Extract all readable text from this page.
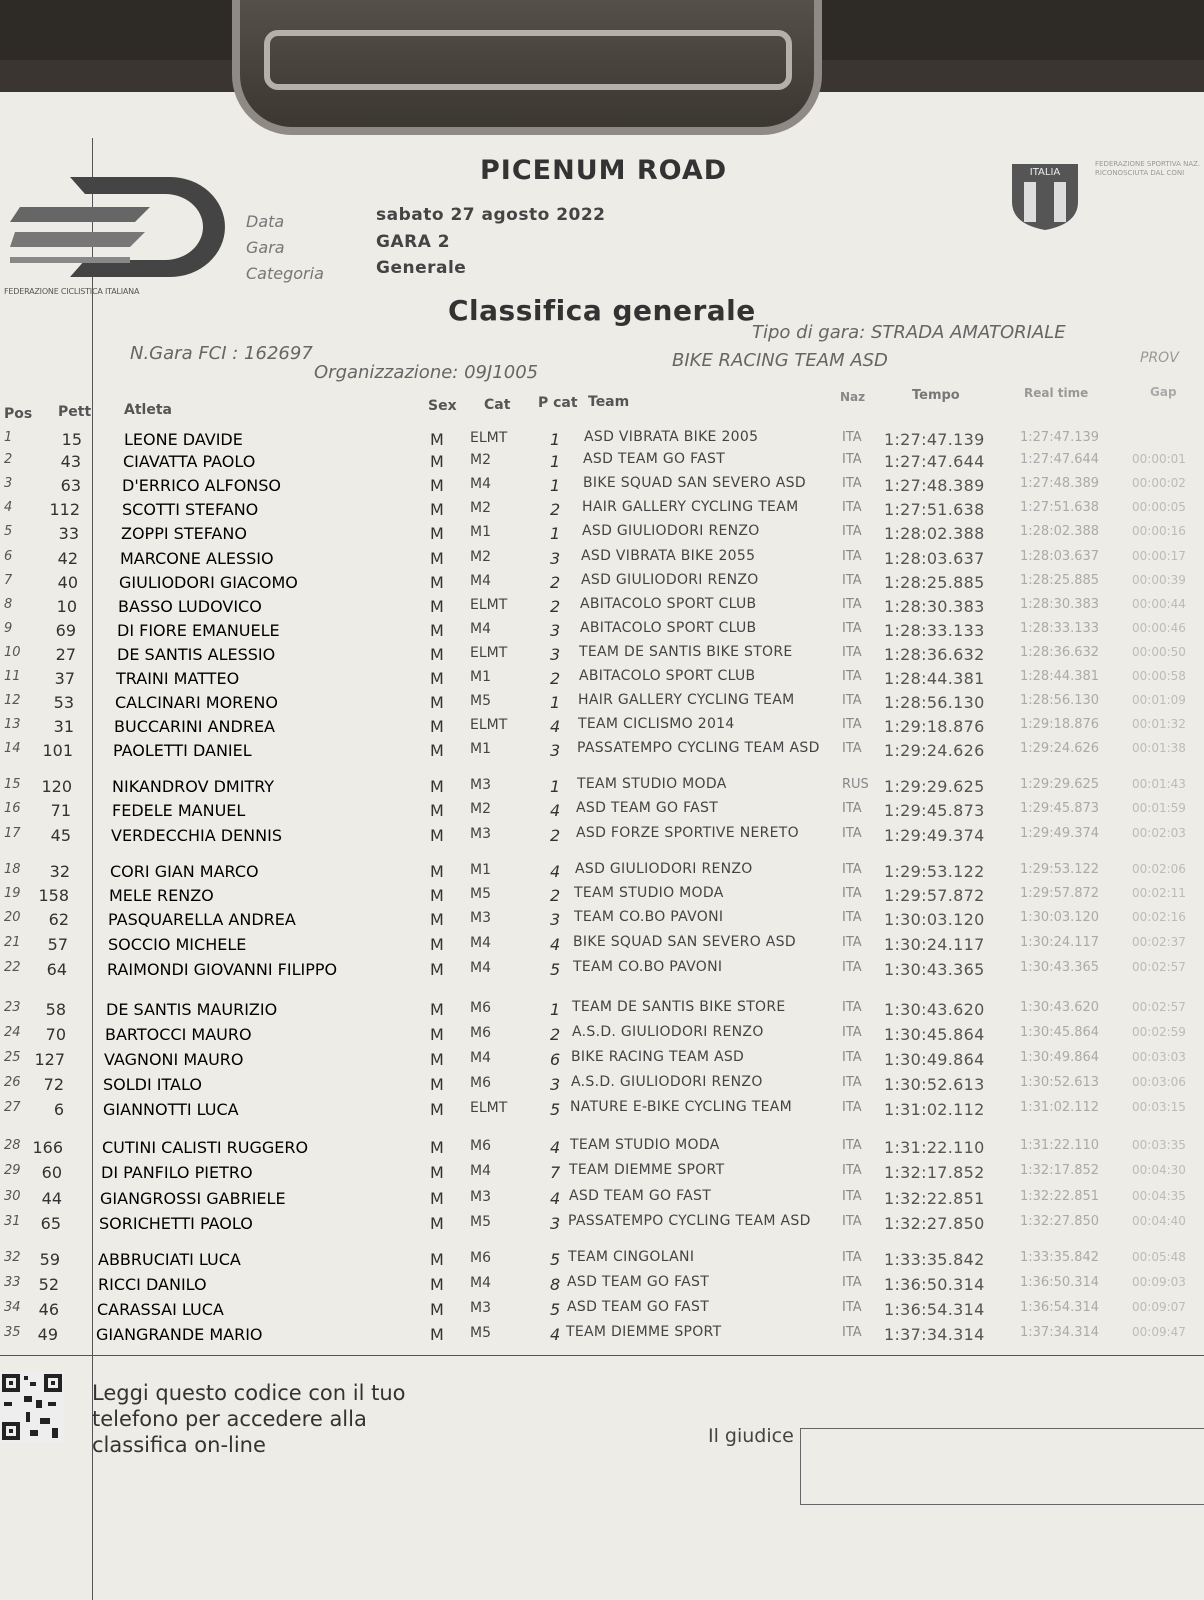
FEDERAZIONE CICLISTICA ITALIANA
PICENUM ROAD
Data	sabato 27 agosto 2022
Gara	GARA 2
Categoria	Generale
ITALIA
FEDERAZIONE SPORTIVA NAZ. RICONOSCIUTA DAL CONI
Classifica generale
N.Gara FCI : 162697
Tipo di gara: STRADA AMATORIALE
Organizzazione: 09J1005
BIKE RACING TEAM ASD	PROV
Pos Pett Atleta	Sex Cat P cat Team	Naz	Tempo	Real time	Gap
1	15	LEONE DAVIDE	M ELMT	1 ASD VIBRATA BIKE 2005	ITA 1:27:47.139	1:27:47.139
2	43	CIAVATTA PAOLO	M M2	1 ASD TEAM GO FAST	ITA 1:27:47.644	1:27:47.644	00:00:01
3	63	D'ERRICO ALFONSO	M M4	1 BIKE SQUAD SAN SEVERO ASD	ITA 1:27:48.389	1:27:48.389	00:00:02
4	112	SCOTTI STEFANO	M M2	2 HAIR GALLERY CYCLING TEAM	ITA 1:27:51.638	1:27:51.638	00:00:05
5	33	ZOPPI STEFANO	M M1	1 ASD GIULIODORI RENZO	ITA 1:28:02.388	1:28:02.388	00:00:16
6	42	MARCONE ALESSIO	M M2	3 ASD VIBRATA BIKE 2055	ITA 1:28:03.637	1:28:03.637	00:00:17
7	40	GIULIODORI GIACOMO	M M4	2 ASD GIULIODORI RENZO	ITA 1:28:25.885	1:28:25.885	00:00:39
8	10	BASSO LUDOVICO	M ELMT	2 ABITACOLO SPORT CLUB	ITA 1:28:30.383	1:28:30.383	00:00:44
9	69	DI FIORE EMANUELE	M M4	3 ABITACOLO SPORT CLUB	ITA 1:28:33.133	1:28:33.133	00:00:46
10	27	DE SANTIS ALESSIO	M ELMT	3 TEAM DE SANTIS BIKE STORE	ITA 1:28:36.632	1:28:36.632	00:00:50
11	37	TRAINI MATTEO	M M1	2 ABITACOLO SPORT CLUB	ITA 1:28:44.381	1:28:44.381	00:00:58
12	53	CALCINARI MORENO	M M5	1 HAIR GALLERY CYCLING TEAM	ITA 1:28:56.130	1:28:56.130	00:01:09
13	31	BUCCARINI ANDREA	M ELMT	4 TEAM CICLISMO 2014	ITA 1:29:18.876	1:29:18.876	00:01:32
14	101	PAOLETTI DANIEL	M M1	3 PASSATEMPO CYCLING TEAM ASD ITA 1:29:24.626	1:29:24.626	00:01:38
15	120	NIKANDROV DMITRY	M M3	1 TEAM STUDIO MODA	RUS 1:29:29.625	1:29:29.625	00:01:43
16	71	FEDELE MANUEL	M M2	4 ASD TEAM GO FAST	ITA 1:29:45.873	1:29:45.873	00:01:59
17	45	VERDECCHIA DENNIS	M M3	2 ASD FORZE SPORTIVE NERETO	ITA 1:29:49.374	1:29:49.374	00:02:03
18	32	CORI GIAN MARCO	M M1	4 ASD GIULIODORI RENZO	ITA 1:29:53.122	1:29:53.122	00:02:06
19	158	MELE RENZO	M M5	2 TEAM STUDIO MODA	ITA 1:29:57.872	1:29:57.872	00:02:11
20	62 PASQUARELLA ANDREA	M M3	3 TEAM CO.BO PAVONI	ITA 1:30:03.120	1:30:03.120	00:02:16
21	57	SOCCIO MICHELE	M M4	4 BIKE SQUAD SAN SEVERO ASD	ITA 1:30:24.117	1:30:24.117	00:02:37
22	64	RAIMONDI GIOVANNI FILIPPO	M M4	5 TEAM CO.BO PAVONI	ITA 1:30:43.365	1:30:43.365	00:02:57
23	58	DE SANTIS MAURIZIO	M M6	1 TEAM DE SANTIS BIKE STORE	ITA 1:30:43.620	1:30:43.620	00:02:57
24	70 BARTOCCI MAURO	M M6	2 A.S.D. GIULIODORI RENZO	ITA 1:30:45.864	1:30:45.864	00:02:59
25 127 VAGNONI MAURO	M M4	6 BIKE RACING TEAM ASD	ITA 1:30:49.864	1:30:49.864	00:03:03
26	72 SOLDI ITALO	M M6	3 A.S.D. GIULIODORI RENZO	ITA 1:30:52.613	1:30:52.613	00:03:06
27	6 GIANNOTTI LUCA	M ELMT	5 NATURE E-BIKE CYCLING TEAM	ITA 1:31:02.112	1:31:02.112	00:03:15
28 166 CUTINI CALISTI RUGGERO	M M6	4 TEAM STUDIO MODA	ITA 1:31:22.110	1:31:22.110	00:03:35
29	60 DI PANFILO PIETRO	M M4	7 TEAM DIEMME SPORT	ITA 1:32:17.852	1:32:17.852	00:04:30
30	44 GIANGROSSI GABRIELE	M M3	4 ASD TEAM GO FAST	ITA 1:32:22.851	1:32:22.851	00:04:35
31	65 SORICHETTI PAOLO	M M5	3 PASSATEMPO CYCLING TEAM ASD ITA 1:32:27.850	1:32:27.850	00:04:40
32	59 ABBRUCIATI LUCA	M M6	5 TEAM CINGOLANI	ITA 1:33:35.842	1:33:35.842	00:05:48
33	52 RICCI DANILO	M M4	8 ASD TEAM GO FAST	ITA 1:36:50.314	1:36:50.314	00:09:03
34	46 CARASSAI LUCA	M M3	5 ASD TEAM GO FAST	ITA 1:36:54.314	1:36:54.314	00:09:07
35	49 GIANGRANDE MARIO	M M5	4 TEAM DIEMME SPORT	ITA 1:37:34.314	1:37:34.314	00:09:47
Leggi questo codice con il tuo telefono per accedere alla classifica on-line	Il giudice
